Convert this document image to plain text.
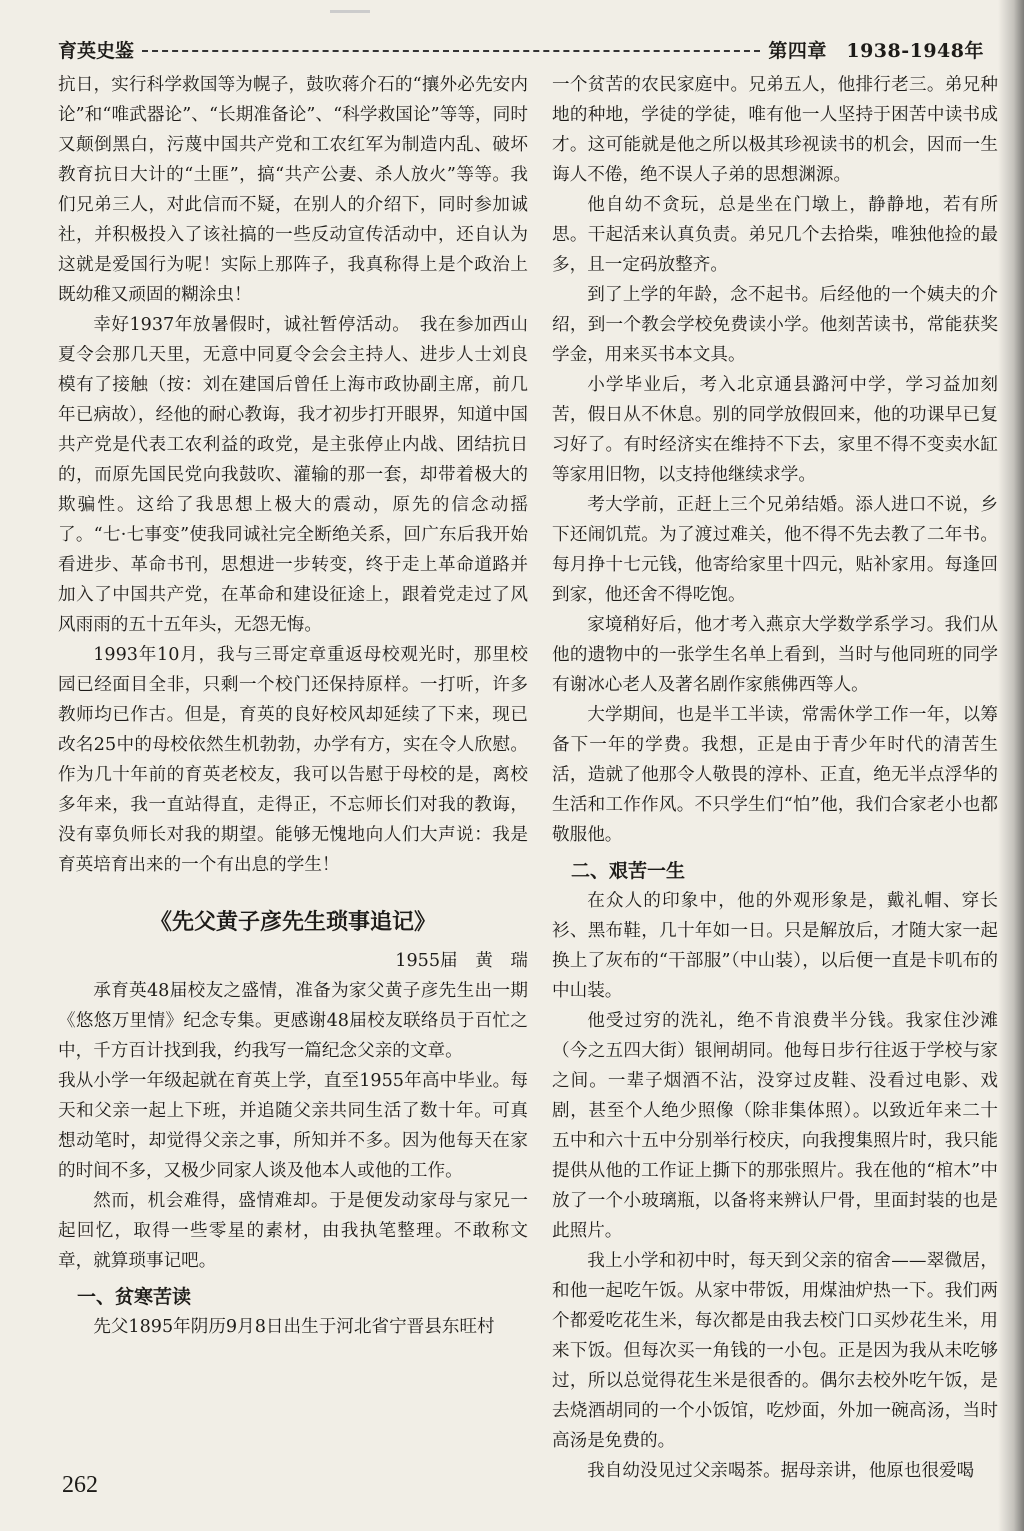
育英史鉴	第四章　1938-1948年

抗日，实行科学救国等为幌子，鼓吹蒋介石的“攘外必先安内论”和“唯武器论”、“长期准备论”、“科学救国论”等等，同时又颠倒黑白，污蔑中国共产党和工农红军为制造内乱、破坏教育抗日大计的“土匪”，搞“共产公妻、杀人放火”等等。我们兄弟三人，对此信而不疑，在别人的介绍下，同时参加诚社，并积极投入了该社搞的一些反动宣传活动中，还自认为这就是爱国行为呢！实际上那阵子，我真称得上是个政治上既幼稚又顽固的糊涂虫！

幸好1937年放暑假时，诚社暂停活动。　我在参加西山夏令会那几天里，无意中同夏令会会主持人、进步人士刘良模有了接触（按：刘在建国后曾任上海市政协副主席，前几年已病故），经他的耐心教诲，我才初步打开眼界，知道中国共产党是代表工农利益的政党，是主张停止内战、团结抗日的，而原先国民党向我鼓吹、灌输的那一套，却带着极大的欺骗性。这给了我思想上极大的震动，原先的信念动摇了。“七·七事变”使我同诚社完全断绝关系，回广东后我开始看进步、革命书刊，思想进一步转变，终于走上革命道路并加入了中国共产党，在革命和建设征途上，跟着党走过了风风雨雨的五十五年头，无怨无悔。

1993年10月，我与三哥定章重返母校观光时，那里校园已经面目全非，只剩一个校门还保持原样。一打听，许多教师均已作古。但是，育英的良好校风却延续了下来，现已改名25中的母校依然生机勃勃，办学有方，实在令人欣慰。作为几十年前的育英老校友，我可以告慰于母校的是，离校多年来，我一直站得直，走得正，不忘师长们对我的教诲，没有辜负师长对我的期望。能够无愧地向人们大声说：我是育英培育出来的一个有出息的学生！

《先父黄子彦先生琐事追记》
1955届　黄　瑞

承育英48届校友之盛情，准备为家父黄子彦先生出一期《悠悠万里情》纪念专集。更感谢48届校友联络员于百忙之中，千方百计找到我，约我写一篇纪念父亲的文章。

我从小学一年级起就在育英上学，直至1955年高中毕业。每天和父亲一起上下班，并追随父亲共同生活了数十年。可真想动笔时，却觉得父亲之事，所知并不多。因为他每天在家的时间不多，又极少同家人谈及他本人或他的工作。

然而，机会难得，盛情难却。于是便发动家母与家兄一起回忆，取得一些零星的素材，由我执笔整理。不敢称文章，就算琐事记吧。

一、贫寒苦读

先父1895年阴历9月8日出生于河北省宁晋县东旺村

一个贫苦的农民家庭中。兄弟五人，他排行老三。弟兄种地的种地，学徒的学徒，唯有他一人坚持于困苦中读书成才。这可能就是他之所以极其珍视读书的机会，因而一生诲人不倦，绝不误人子弟的思想渊源。

他自幼不贪玩，总是坐在门墩上，静静地，若有所思。干起活来认真负责。弟兄几个去拾柴，唯独他捡的最多，且一定码放整齐。

到了上学的年龄，念不起书。后经他的一个姨夫的介绍，到一个教会学校免费读小学。他刻苦读书，常能获奖学金，用来买书本文具。

小学毕业后，考入北京通县潞河中学，学习益加刻苦，假日从不休息。别的同学放假回来，他的功课早已复习好了。有时经济实在维持不下去，家里不得不变卖水缸等家用旧物，以支持他继续求学。

考大学前，正赶上三个兄弟结婚。添人进口不说，乡下还闹饥荒。为了渡过难关，他不得不先去教了二年书。每月挣十七元钱，他寄给家里十四元，贴补家用。每逢回到家，他还舍不得吃饱。

家境稍好后，他才考入燕京大学数学系学习。我们从他的遗物中的一张学生名单上看到，当时与他同班的同学有谢冰心老人及著名剧作家熊佛西等人。

大学期间，也是半工半读，常需休学工作一年，以筹备下一年的学费。我想，正是由于青少年时代的清苦生活，造就了他那令人敬畏的淳朴、正直，绝无半点浮华的生活和工作作风。不只学生们“怕”他，我们合家老小也都敬服他。

二、艰苦一生

在众人的印象中，他的外观形象是，戴礼帽、穿长衫、黑布鞋，几十年如一日。只是解放后，才随大家一起换上了灰布的“干部服”（中山装），以后便一直是卡叽布的中山装。

他受过穷的洗礼，绝不肯浪费半分钱。我家住沙滩（今之五四大街）银闸胡同。他每日步行往返于学校与家之间。一辈子烟酒不沾，没穿过皮鞋、没看过电影、戏剧，甚至个人绝少照像（除非集体照）。以致近年来二十五中和六十五中分别举行校庆，向我搜集照片时，我只能提供从他的工作证上撕下的那张照片。我在他的“棺木”中放了一个小玻璃瓶，以备将来辨认尸骨，里面封装的也是此照片。

我上小学和初中时，每天到父亲的宿舍——翠微居，和他一起吃午饭。从家中带饭，用煤油炉热一下。我们两个都爱吃花生米，每次都是由我去校门口买炒花生米，用来下饭。但每次买一角钱的一小包。正是因为我从未吃够过，所以总觉得花生米是很香的。偶尔去校外吃午饭，是去烧酒胡同的一个小饭馆，吃炒面，外加一碗高汤，当时高汤是免费的。

我自幼没见过父亲喝茶。据母亲讲，他原也很爱喝

262
